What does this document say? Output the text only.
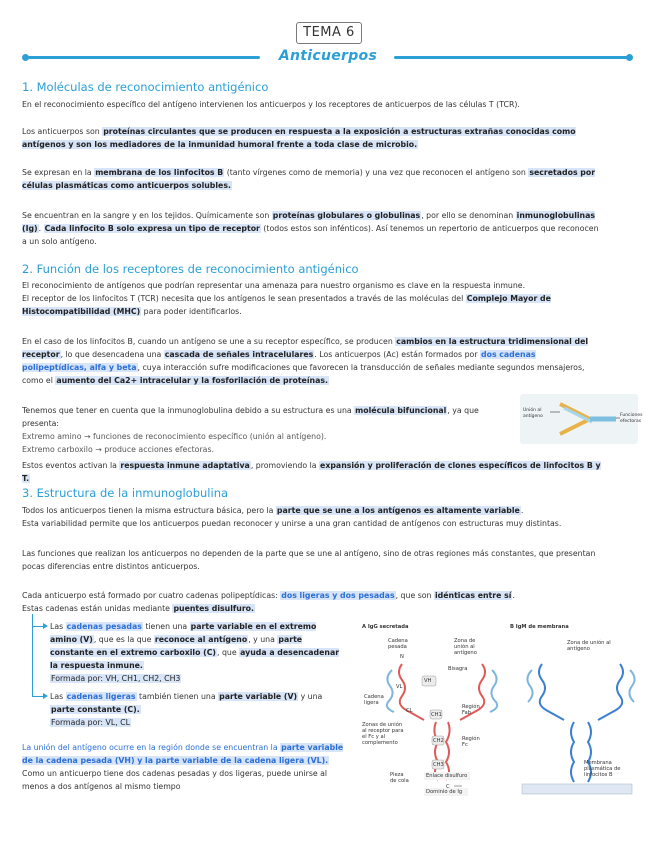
TEMA 6
Anticuerpos
1. Moléculas de reconocimiento antigénico
En el reconocimiento específico del antígeno intervienen los anticuerpos y los receptores de anticuerpos de las células T (TCR).
Los anticuerpos son proteínas circulantes que se producen en respuesta a la exposición a estructuras extrañas conocidas como antígenos y son los mediadores de la inmunidad humoral frente a toda clase de microbio.
Se expresan en la membrana de los linfocitos B (tanto vírgenes como de memoria) y una vez que reconocen el antígeno son secretados por células plasmáticas como anticuerpos solubles.
Se encuentran en la sangre y en los tejidos. Químicamente son proteínas globulares o globulinas, por ello se denominan inmunoglobulinas (Ig). Cada linfocito B solo expresa un tipo de receptor (todos estos son infénticos). Así tenemos un repertorio de anticuerpos que reconocen a un solo antígeno.
2. Función de los receptores de reconocimiento antigénico
El reconocimiento de antígenos que podrían representar una amenaza para nuestro organismo es clave en la respuesta inmune.
El receptor de los linfocitos T (TCR) necesita que los antígenos le sean presentados a través de las moléculas del Complejo Mayor de Histocompatibilidad (MHC) para poder identificarlos.
En el caso de los linfocitos B, cuando un antígeno se une a su receptor específico, se producen cambios en la estructura tridimensional del receptor, lo que desencadena una cascada de señales intracelulares. Los anticuerpos (Ac) están formados por dos cadenas polipeptídicas, alfa y beta, cuya interacción sufre modificaciones que favorecen la transducción de señales mediante segundos mensajeros, como el aumento del Ca2+ intracelular y la fosforilación de proteínas.
Tenemos que tener en cuenta que la inmunoglobulina debido a su estructura es una molécula bifuncional, ya que presenta:
Extremo amino → funciones de reconocimiento específico (unión al antígeno).
Extremo carboxilo → produce acciones efectoras.
Unión al antígeno	Funciones efectoras
Estos eventos activan la respuesta inmune adaptativa, promoviendo la expansión y proliferación de clones específicos de linfocitos B y T.
3. Estructura de la inmunoglobulina
Todos los anticuerpos tienen la misma estructura básica, pero la parte que se une a los antígenos es altamente variable.
Esta variabilidad permite que los anticuerpos puedan reconocer y unirse a una gran cantidad de antígenos con estructuras muy distintas.
Las funciones que realizan los anticuerpos no dependen de la parte que se une al antígeno, sino de otras regiones más constantes, que presentan pocas diferencias entre distintos anticuerpos.
Cada anticuerpo está formado por cuatro cadenas polipeptídicas: dos ligeras y dos pesadas, que son idénticas entre sí.
Estas cadenas están unidas mediante puentes disulfuro.
Las cadenas pesadas tienen una parte variable en el extremo amino (V), que es la que reconoce al antígeno, y una parte constante en el extremo carboxilo (C), que ayuda a desencadenar la respuesta inmune.
Formada por: VH, CH1, CH2, CH3
Las cadenas ligeras también tienen una parte variable (V) y una parte constante (C).
Formada por: VL, CL
La unión del antígeno ocurre en la región donde se encuentran la parte variable de la cadena pesada (VH) y la parte variable de la cadena ligera (VL).
Como un anticuerpo tiene dos cadenas pesadas y dos ligeras, puede unirse al menos a dos antígenos al mismo tiempo
A IgG secretada	B IgM de membrana
Cadena pesada
Zona de unión al antígeno
Zona de unión al antígeno
Bisagra
Cadena ligera
Región Fab
Zonas de unión al receptor para el Fc y al complemento
Región Fc
Pieza de cola
Enlace disulfuro
Dominio de Ig
Membrana plasmática de linfocitos B
VH
VL
CH1
CL
CH2
CH3
N
C
